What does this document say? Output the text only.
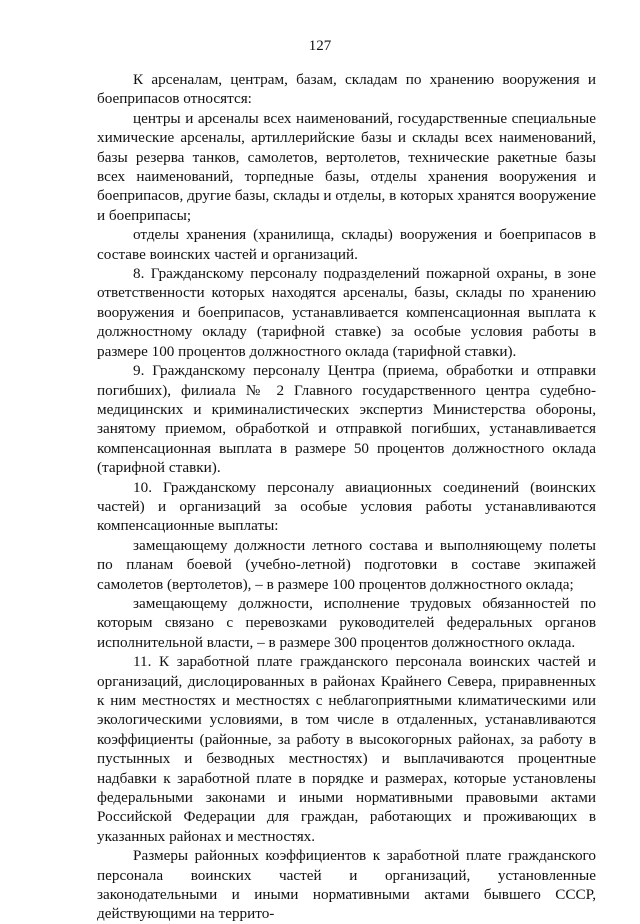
127

К арсеналам, центрам, базам, складам по хранению вооружения и боеприпасов относятся:

центры и арсеналы всех наименований, государственные специальные химические арсеналы, артиллерийские базы и склады всех наименований, базы резерва танков, самолетов, вертолетов, технические ракетные базы всех наименований, торпедные базы, отделы хранения вооружения и боеприпасов, другие базы, склады и отделы, в которых хранятся вооружение и боеприпасы;

отделы хранения (хранилища, склады) вооружения и боеприпасов в составе воинских частей и организаций.

8. Гражданскому персоналу подразделений пожарной охраны, в зоне ответственности которых находятся арсеналы, базы, склады по хранению вооружения и боеприпасов, устанавливается компенсационная выплата к должностному окладу (тарифной ставке) за особые условия работы в размере 100 процентов должностного оклада (тарифной ставки).

9. Гражданскому персоналу Центра (приема, обработки и отправки погибших), филиала № 2 Главного государственного центра судебно-медицинских и криминалистических экспертиз Министерства обороны, занятому приемом, обработкой и отправкой погибших, устанавливается компенсационная выплата в размере 50 процентов должностного оклада (тарифной ставки).

10. Гражданскому персоналу авиационных соединений (воинских частей) и организаций за особые условия работы устанавливаются компенсационные выплаты:

замещающему должности летного состава и выполняющему полеты по планам боевой (учебно-летной) подготовки в составе экипажей самолетов (вертолетов), – в размере 100 процентов должностного оклада;

замещающему должности, исполнение трудовых обязанностей по которым связано с перевозками руководителей федеральных органов исполнительной власти, – в размере 300 процентов должностного оклада.

11. К заработной плате гражданского персонала воинских частей и организаций, дислоцированных в районах Крайнего Севера, приравненных к ним местностях и местностях с неблагоприятными климатическими или экологическими условиями, в том числе в отдаленных, устанавливаются коэффициенты (районные, за работу в высокогорных районах, за работу в пустынных и безводных местностях) и выплачиваются процентные надбавки к заработной плате в порядке и размерах, которые установлены федеральными законами и иными нормативными правовыми актами Российской Федерации для граждан, работающих и проживающих в указанных районах и местностях.

Размеры районных коэффициентов к заработной плате гражданского персонала воинских частей и организаций, установленные законодательными и иными нормативными актами бывшего СССР, действующими на террито-
